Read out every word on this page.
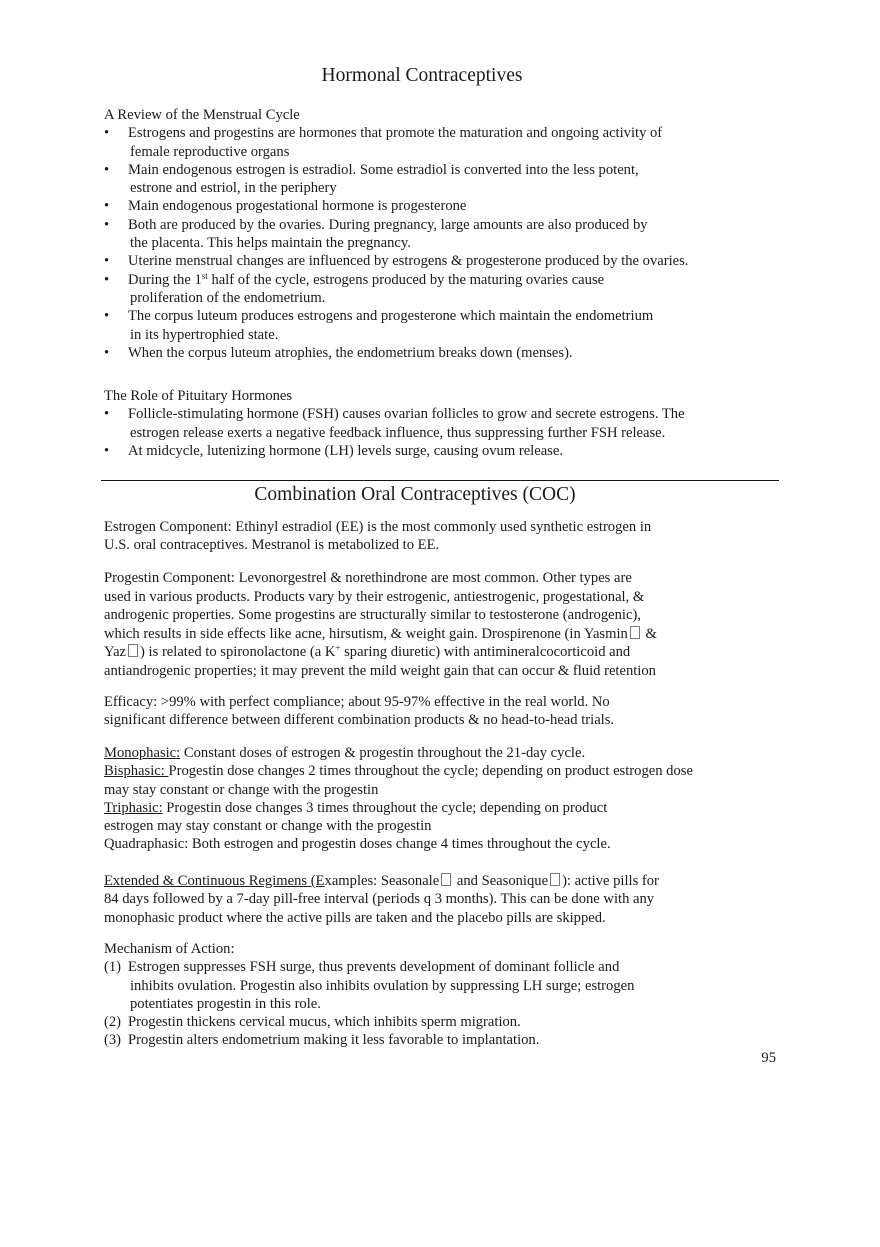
Hormonal Contraceptives
A Review of the Menstrual Cycle
• Estrogens and progestins are hormones that promote the maturation and ongoing activity of
female reproductive organs
• Main endogenous estrogen is estradiol. Some estradiol is converted into the less potent,
estrone and estriol, in the periphery
• Main endogenous progestational hormone is progesterone
• Both are produced by the ovaries. During pregnancy, large amounts are also produced by
the placenta. This helps maintain the pregnancy.
• Uterine menstrual changes are influenced by estrogens & progesterone produced by the ovaries.
• During the 1st half of the cycle, estrogens produced by the maturing ovaries cause
proliferation of the endometrium.
• The corpus luteum produces estrogens and progesterone which maintain the endometrium
in its hypertrophied state.
• When the corpus luteum atrophies, the endometrium breaks down (menses).
The Role of Pituitary Hormones
• Follicle-stimulating hormone (FSH) causes ovarian follicles to grow and secrete estrogens. The
estrogen release exerts a negative feedback influence, thus suppressing further FSH release.
• At midcycle, lutenizing hormone (LH) levels surge, causing ovum release.
Combination Oral Contraceptives (COC)
Estrogen Component: Ethinyl estradiol (EE) is the most commonly used synthetic estrogen in
U.S. oral contraceptives. Mestranol is metabolized to EE.
Progestin Component: Levonorgestrel & norethindrone are most common. Other types are
used in various products. Products vary by their estrogenic, antiestrogenic, progestational, &
androgenic properties. Some progestins are structurally similar to testosterone (androgenic),
which results in side effects like acne, hirsutism, & weight gain. Drospirenone (in Yasmin &
Yaz ) is related to spironolactone (a K+ sparing diuretic) with antimineralcocorticoid and
antiandrogenic properties; it may prevent the mild weight gain that can occur & fluid retention
Efficacy: >99% with perfect compliance; about 95-97% effective in the real world. No
significant difference between different combination products & no head-to-head trials.
Monophasic: Constant doses of estrogen & progestin throughout the 21-day cycle.
Bisphasic: Progestin dose changes 2 times throughout the cycle; depending on product estrogen dose
may stay constant or change with the progestin
Triphasic: Progestin dose changes 3 times throughout the cycle; depending on product
estrogen may stay constant or change with the progestin
Quadraphasic: Both estrogen and progestin doses change 4 times throughout the cycle.
Extended & Continuous Regimens (Examples: Seasonale and Seasonique ): active pills for
84 days followed by a 7-day pill-free interval (periods q 3 months). This can be done with any
monophasic product where the active pills are taken and the placebo pills are skipped.
Mechanism of Action:
(1) Estrogen suppresses FSH surge, thus prevents development of dominant follicle and
inhibits ovulation. Progestin also inhibits ovulation by suppressing LH surge; estrogen
potentiates progestin in this role.
(2) Progestin thickens cervical mucus, which inhibits sperm migration.
(3) Progestin alters endometrium making it less favorable to implantation.
95
